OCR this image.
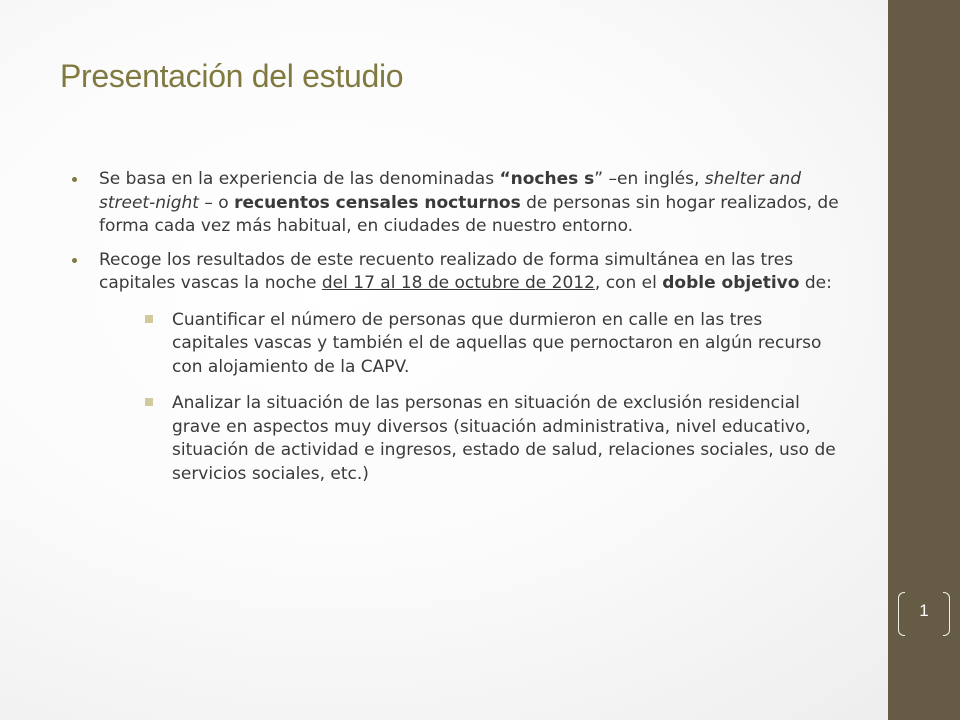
1
Presentación del estudio

Se basa en la experiencia de las denominadas “noches s” –en inglés, shelter and street-night – o recuentos censales nocturnos de personas sin hogar realizados, de forma cada vez más habitual, en ciudades de nuestro entorno.

Recoge los resultados de este recuento realizado de forma simultánea en las tres capitales vascas la noche del 17 al 18 de octubre de 2012, con el doble objetivo de:

Cuantificar el número de personas que durmieron en calle en las tres capitales vascas y también el de aquellas que pernoctaron en algún recurso con alojamiento de la CAPV.

Analizar la situación de las personas en situación de exclusión residencial grave en aspectos muy diversos (situación administrativa, nivel educativo, situación de actividad e ingresos, estado de salud, relaciones sociales, uso de servicios sociales, etc.)
